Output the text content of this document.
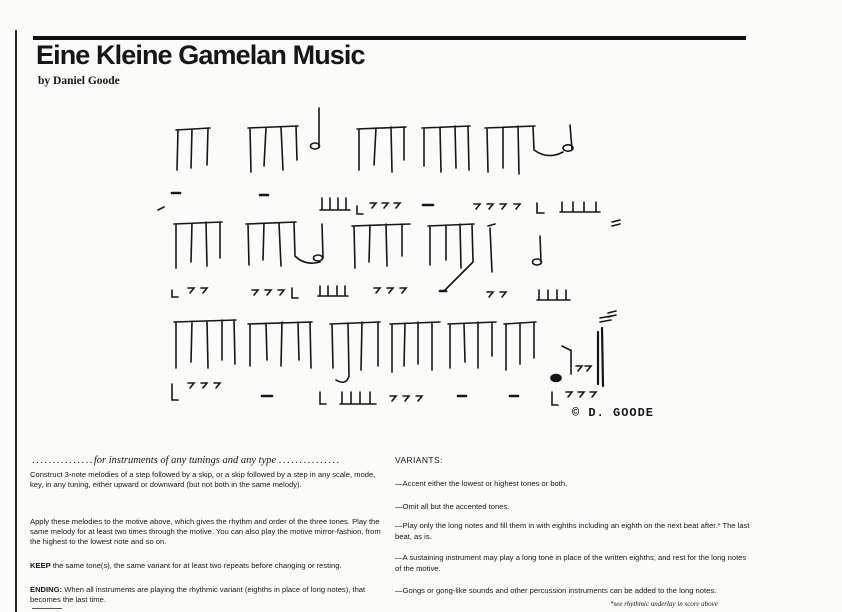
Eine Kleine Gamelan Music
by Daniel Goode
© D. GOODE
...............for instruments of any tunings and any type ...............

Construct 3-note melodies of a step followed by a skip, or a skip followed by a step in any scale, mode, key, in any tuning, either upward or downward (but not both in the same melody).

Apply these melodies to the motive above, which gives the rhythm and order of the three tones. Play the same melody for at least two times through the motive. You can also play the motive mirror-fashion, from the highest to the lowest note and so on.

KEEP the same tone(s), the same variant for at least two repeats before changing or resting.

ENDING: When all instruments are playing the rhythmic variant (eighths in place of long notes), that becomes the last time.

VARIANTS:

—Accent either the lowest or highest tones or both.

—Omit all but the accented tones.

—Play only the long notes and fill them in with eighths including an eighth on the next beat after.* The last beat, as is.

—A sustaining instrument may play a long tone in place of the written eighths, and rest for the long notes of the motive.

—Gongs or gong-like sounds and other percussion instruments can be added to the long notes.

*see rhythmic underlay in score above
